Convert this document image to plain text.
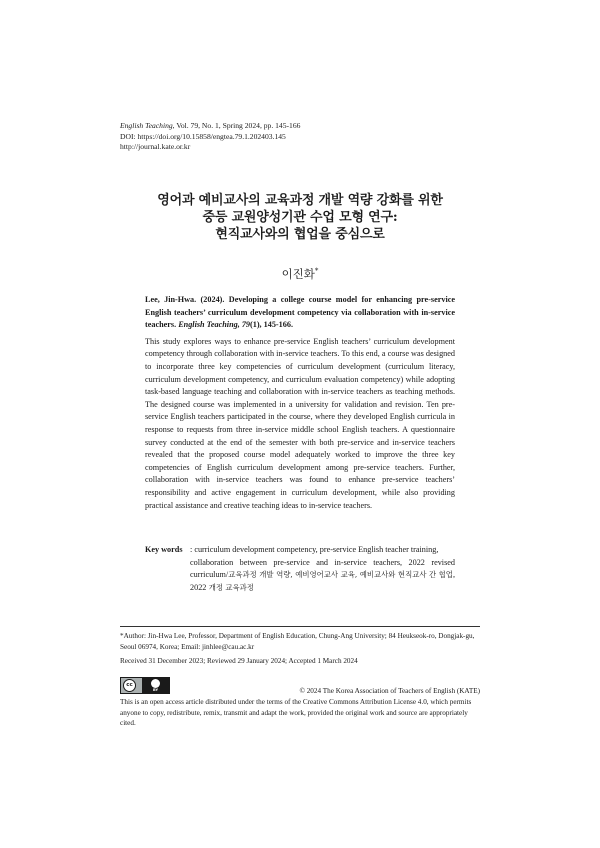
English Teaching, Vol. 79, No. 1, Spring 2024, pp. 145-166
DOI: https://doi.org/10.15858/engtea.79.1.202403.145
http://journal.kate.or.kr
영어과 예비교사의 교육과정 개발 역량 강화를 위한
중등 교원양성기관 수업 모형 연구:
현직교사와의 협업을 중심으로
이진화*

Lee, Jin-Hwa. (2024). Developing a college course model for enhancing pre-service English teachers’ curriculum development competency via collaboration with in-service teachers. English Teaching, 79(1), 145-166.

This study explores ways to enhance pre-service English teachers’ curriculum development competency through collaboration with in-service teachers. To this end, a course was designed to incorporate three key competencies of curriculum development (curriculum literacy, curriculum development competency, and curriculum evaluation competency) while adopting task-based language teaching and collaboration with in-service teachers as teaching methods. The designed course was implemented in a university for validation and revision. Ten pre-service English teachers participated in the course, where they developed English curricula in response to requests from three in-service middle school English teachers. A questionnaire survey conducted at the end of the semester with both pre-service and in-service teachers revealed that the proposed course model adequately worked to improve the three key competencies of English curriculum development among pre-service teachers. Further, collaboration with in-service teachers was found to enhance pre-service teachers’ responsibility and active engagement in curriculum development, while also providing practical assistance and creative teaching ideas to in-service teachers.

Key words : curriculum development competency, pre-service English teacher training,
collaboration between pre-service and in-service teachers, 2022 revised curriculum/교육과정 개발 역량, 예비영어교사 교육, 예비교사와 현직교사 간 협업, 2022 개정 교육과정

*Author: Jin-Hwa Lee, Professor, Department of English Education, Chung-Ang University; 84 Heukseok-ro, Dongjak-gu, Seoul 06974, Korea; Email: jinhlee@cau.ac.kr

Received 31 December 2023; Reviewed 29 January 2024; Accepted 1 March 2024

cc
BY	© 2024 The Korea Association of Teachers of English (KATE)

This is an open access article distributed under the terms of the Creative Commons Attribution License 4.0, which permits anyone to copy, redistribute, remix, transmit and adapt the work, provided the original work and source are appropriately cited.
